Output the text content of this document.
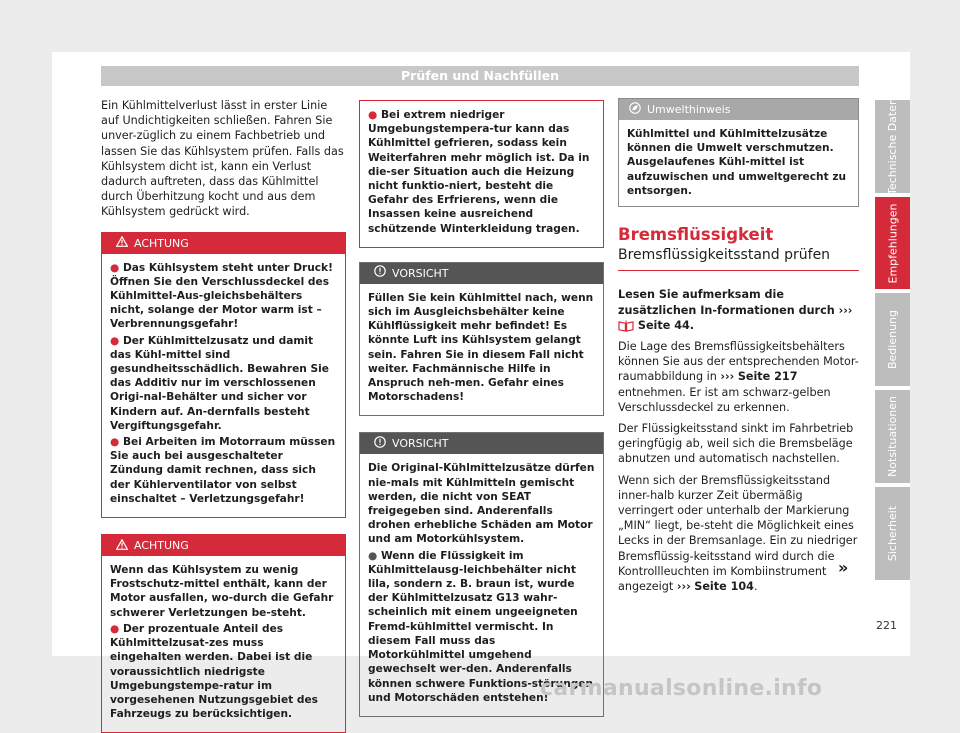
Prüfen und Nachfüllen

Ein Kühlmittelverlust lässt in erster Linie auf Undichtigkeiten schließen. Fahren Sie unver-züglich zu einem Fachbetrieb und lassen Sie das Kühlsystem prüfen. Falls das Kühlsystem dicht ist, kann ein Verlust dadurch auftreten, dass das Kühlmittel durch Überhitzung kocht und aus dem Kühlsystem gedrückt wird.

ACHTUNG

● Das Kühlsystem steht unter Druck! Öffnen Sie den Verschlussdeckel des Kühlmittel-Aus-gleichsbehälters nicht, solange der Motor warm ist – Verbrennungsgefahr!

● Der Kühlmittelzusatz und damit das Kühl-mittel sind gesundheitsschädlich. Bewahren Sie das Additiv nur im verschlossenen Origi-nal-Behälter und sicher vor Kindern auf. An-dernfalls besteht Vergiftungsgefahr.

● Bei Arbeiten im Motorraum müssen Sie auch bei ausgeschalteter Zündung damit rechnen, dass sich der Kühlerventilator von selbst einschaltet – Verletzungsgefahr!

ACHTUNG

Wenn das Kühlsystem zu wenig Frostschutz-mittel enthält, kann der Motor ausfallen, wo-durch die Gefahr schwerer Verletzungen be-steht.

● Der prozentuale Anteil des Kühlmittelzusat-zes muss eingehalten werden. Dabei ist die voraussichtlich niedrigste Umgebungstempe-ratur im vorgesehenen Nutzungsgebiet des Fahrzeugs zu berücksichtigen.

● Bei extrem niedriger Umgebungstempera-tur kann das Kühlmittel gefrieren, sodass kein Weiterfahren mehr möglich ist. Da in die-ser Situation auch die Heizung nicht funktio-niert, besteht die Gefahr des Erfrierens, wenn die Insassen keine ausreichend schützende Winterkleidung tragen.

VORSICHT

Füllen Sie kein Kühlmittel nach, wenn sich im Ausgleichsbehälter keine Kühlflüssigkeit mehr befindet! Es könnte Luft ins Kühlsystem gelangt sein. Fahren Sie in diesem Fall nicht weiter. Fachmännische Hilfe in Anspruch neh-men. Gefahr eines Motorschadens!

VORSICHT

Die Original-Kühlmittelzusätze dürfen nie-mals mit Kühlmitteln gemischt werden, die nicht von SEAT freigegeben sind. Anderenfalls drohen erhebliche Schäden am Motor und am Motorkühlsystem.

● Wenn die Flüssigkeit im Kühlmittelausg-leichbehälter nicht lila, sondern z. B. braun ist, wurde der Kühlmittelzusatz G13 wahr-scheinlich mit einem ungeeigneten Fremd-kühlmittel vermischt. In diesem Fall muss das Motorkühlmittel umgehend gewechselt wer-den. Anderenfalls können schwere Funktions-störungen und Motorschäden entstehen!

Umwelthinweis
Kühlmittel und Kühlmittelzusätze können die Umwelt verschmutzen. Ausgelaufenes Kühl-mittel ist aufzuwischen und umweltgerecht zu entsorgen.
Bremsflüssigkeit
Bremsflüssigkeitsstand prüfen

Lesen Sie aufmerksam die zusätzlichen In-formationen durch ›››  Seite 44.

Die Lage des Bremsflüssigkeitsbehälters können Sie aus der entsprechenden Motor-raumabbildung in ››› Seite 217 entnehmen. Er ist am schwarz-gelben Verschlussdeckel zu erkennen.

Der Flüssigkeitsstand sinkt im Fahrbetrieb geringfügig ab, weil sich die Bremsbeläge abnutzen und automatisch nachstellen.

Wenn sich der Bremsflüssigkeitsstand inner-halb kurzer Zeit übermäßig verringert oder unterhalb der Markierung „MIN“ liegt, be-steht die Möglichkeit eines Lecks in der Bremsanlage. Ein zu niedriger Bremsflüssig-keitsstand wird durch die Kontrollleuchten im Kombiinstrument angezeigt ››› Seite 104.

»
Technische Daten
Empfehlungen
Bedienung
Notsituationen
Sicherheit
221
carmanualsonline.info
